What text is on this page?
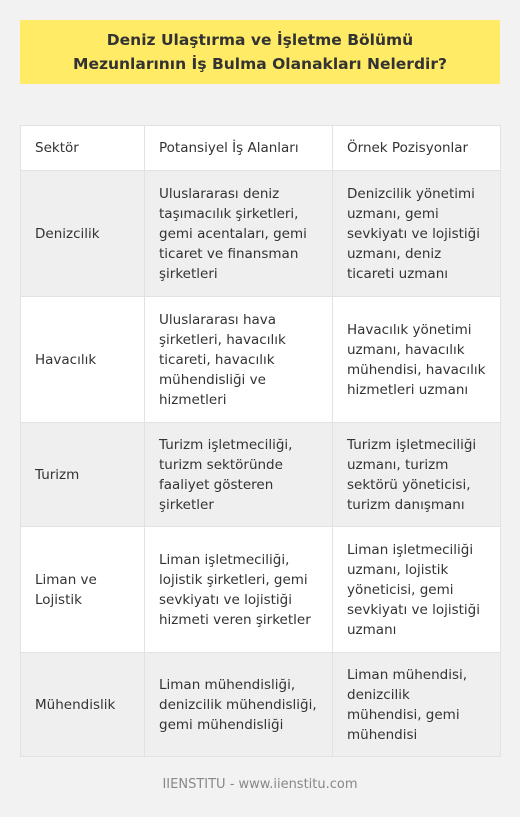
Deniz Ulaştırma ve İşletme Bölümü Mezunlarının İş Bulma Olanakları Nelerdir?
Sektör	Potansiyel İş Alanları	Örnek Pozisyonlar
Denizcilik	Uluslararası deniz taşımacılık şirketleri, gemi acentaları, gemi ticaret ve finansman şirketleri	Denizcilik yönetimi uzmanı, gemi sevkiyatı ve lojistiği uzmanı, deniz ticareti uzmanı
Havacılık	Uluslararası hava şirketleri, havacılık ticareti, havacılık mühendisliği ve hizmetleri	Havacılık yönetimi uzmanı, havacılık mühendisi, havacılık hizmetleri uzmanı
Turizm	Turizm işletmeciliği, turizm sektöründe faaliyet gösteren şirketler	Turizm işletmeciliği uzmanı, turizm sektörü yöneticisi, turizm danışmanı
Liman ve Lojistik	Liman işletmeciliği, lojistik şirketleri, gemi sevkiyatı ve lojistiği hizmeti veren şirketler	Liman işletmeciliği uzmanı, lojistik yöneticisi, gemi sevkiyatı ve lojistiği uzmanı
Mühendislik	Liman mühendisliği, denizcilik mühendisliği, gemi mühendisliği	Liman mühendisi, denizcilik mühendisi, gemi mühendisi
IIENSTITU - www.iienstitu.com
